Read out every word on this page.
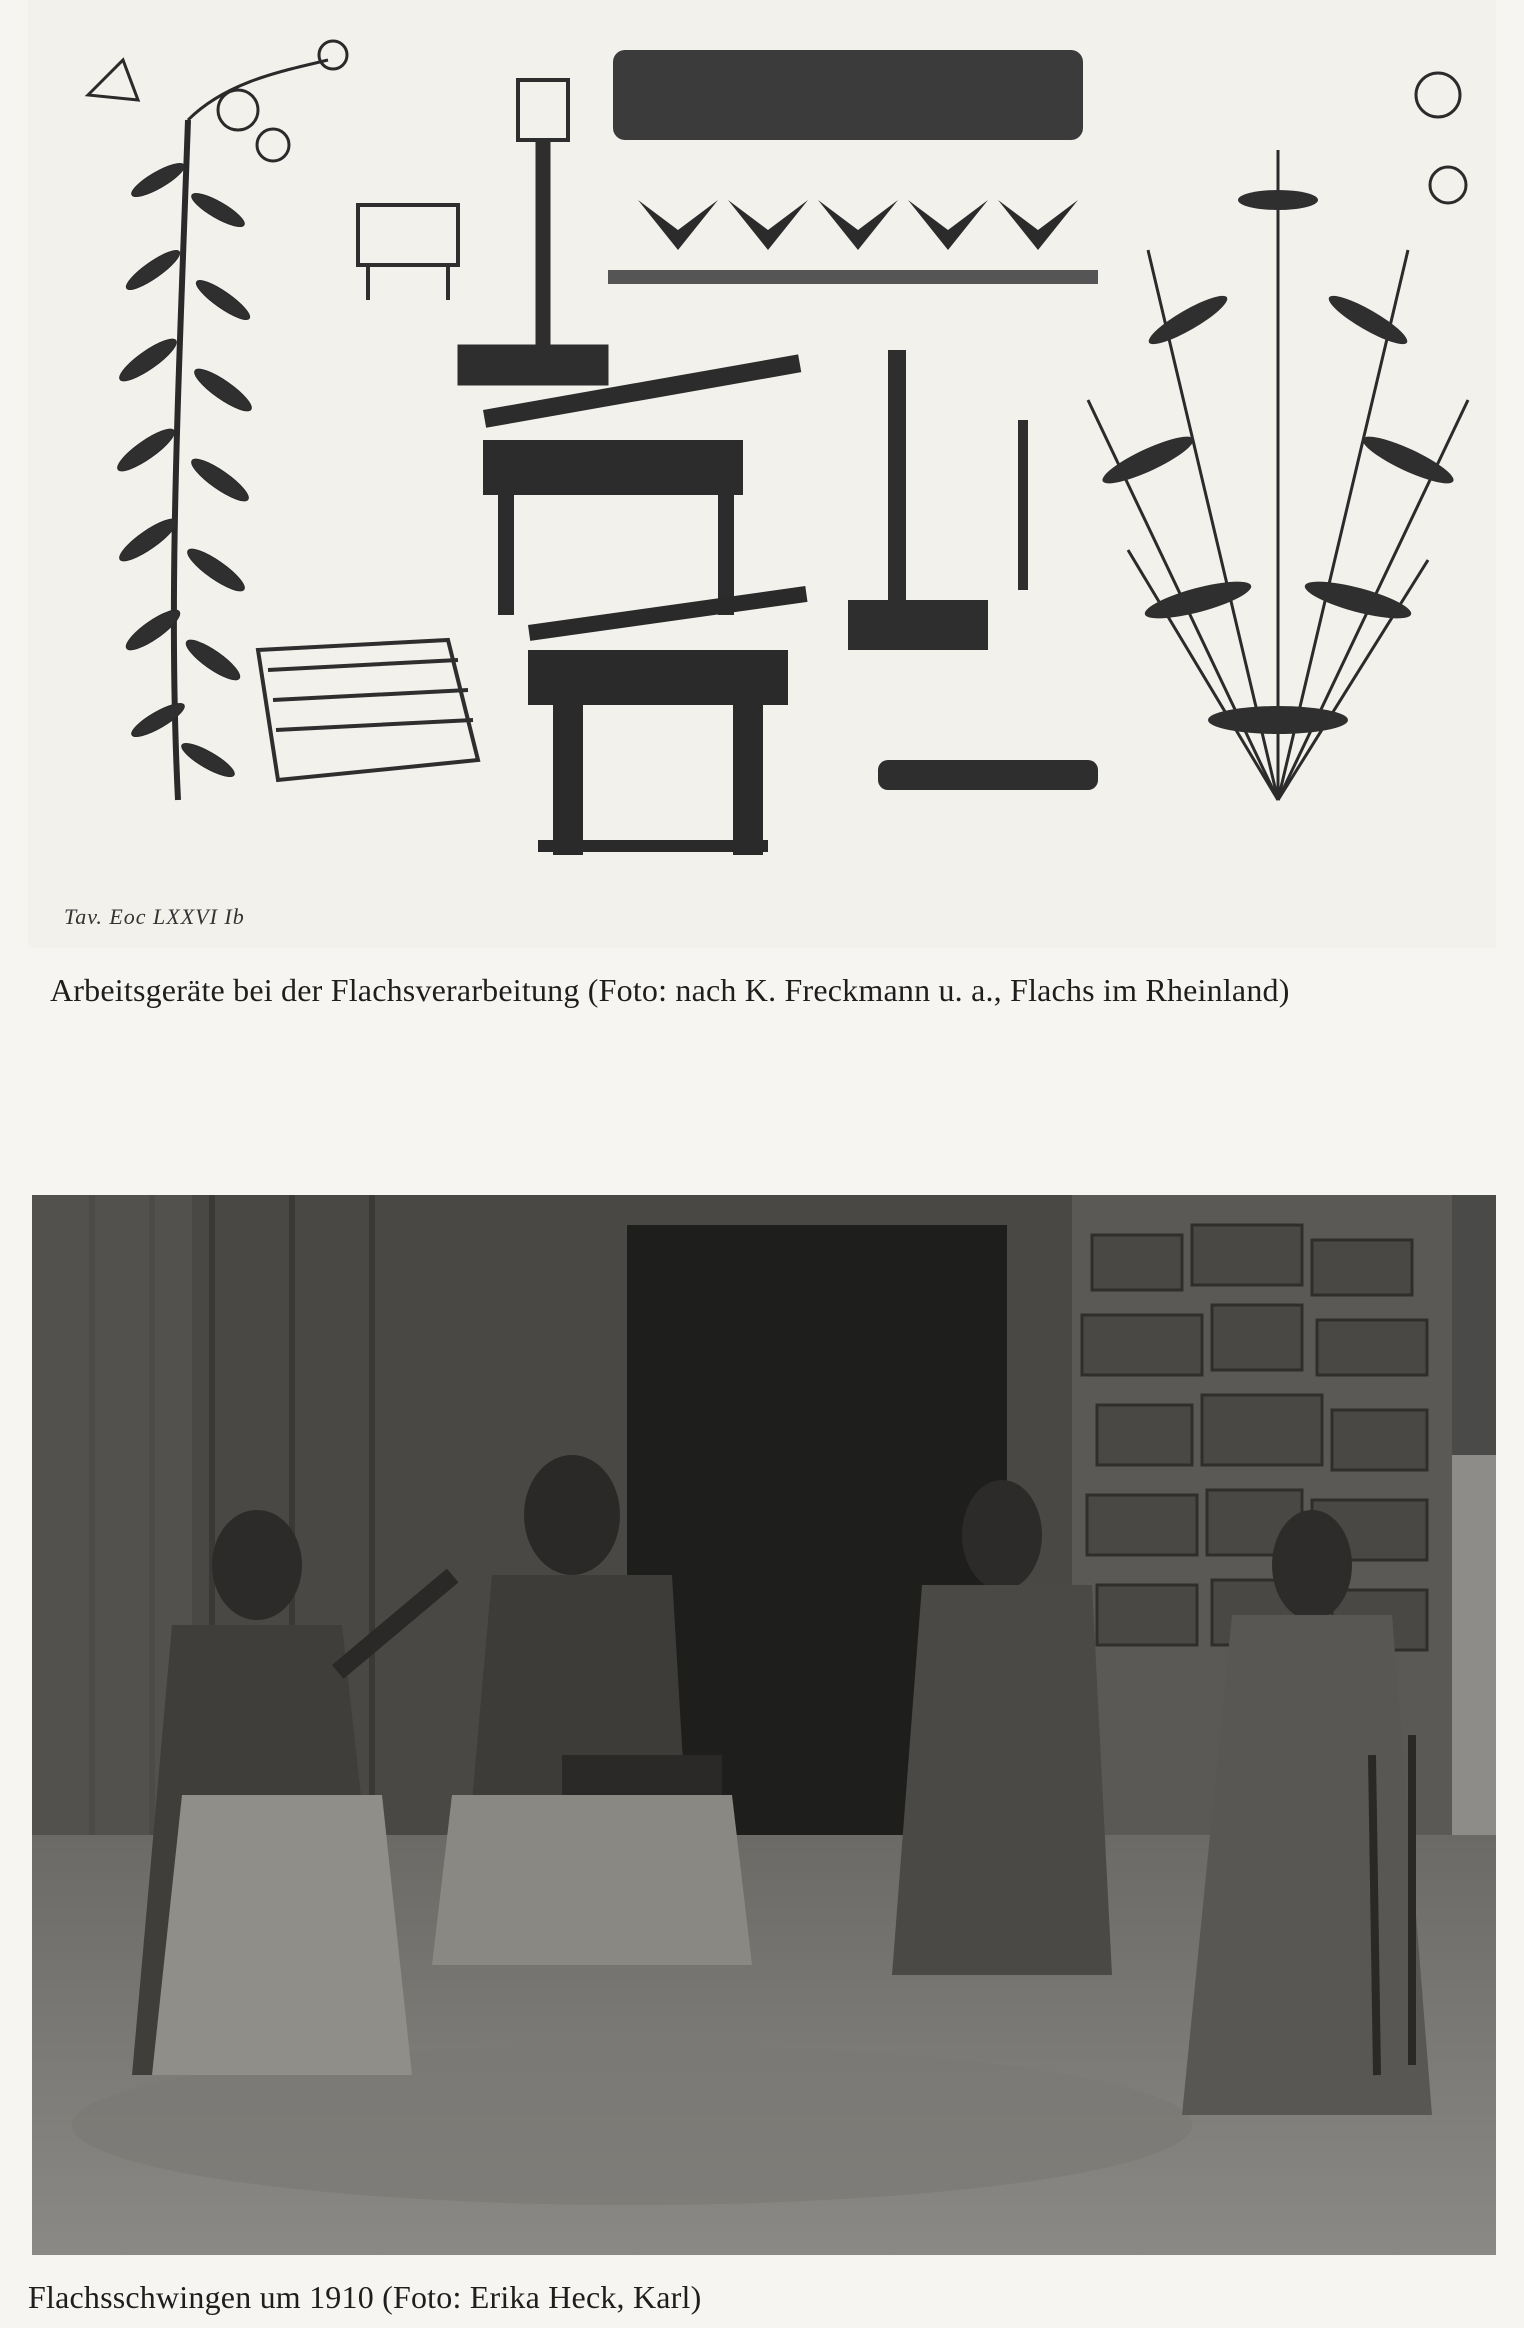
Tav. Eoc LXXVI Ib
Arbeitsgeräte bei der Flachsverarbeitung (Foto: nach K. Freckmann u. a., Flachs im Rheinland)
Flachsschwingen um 1910 (Foto: Erika Heck, Karl)
